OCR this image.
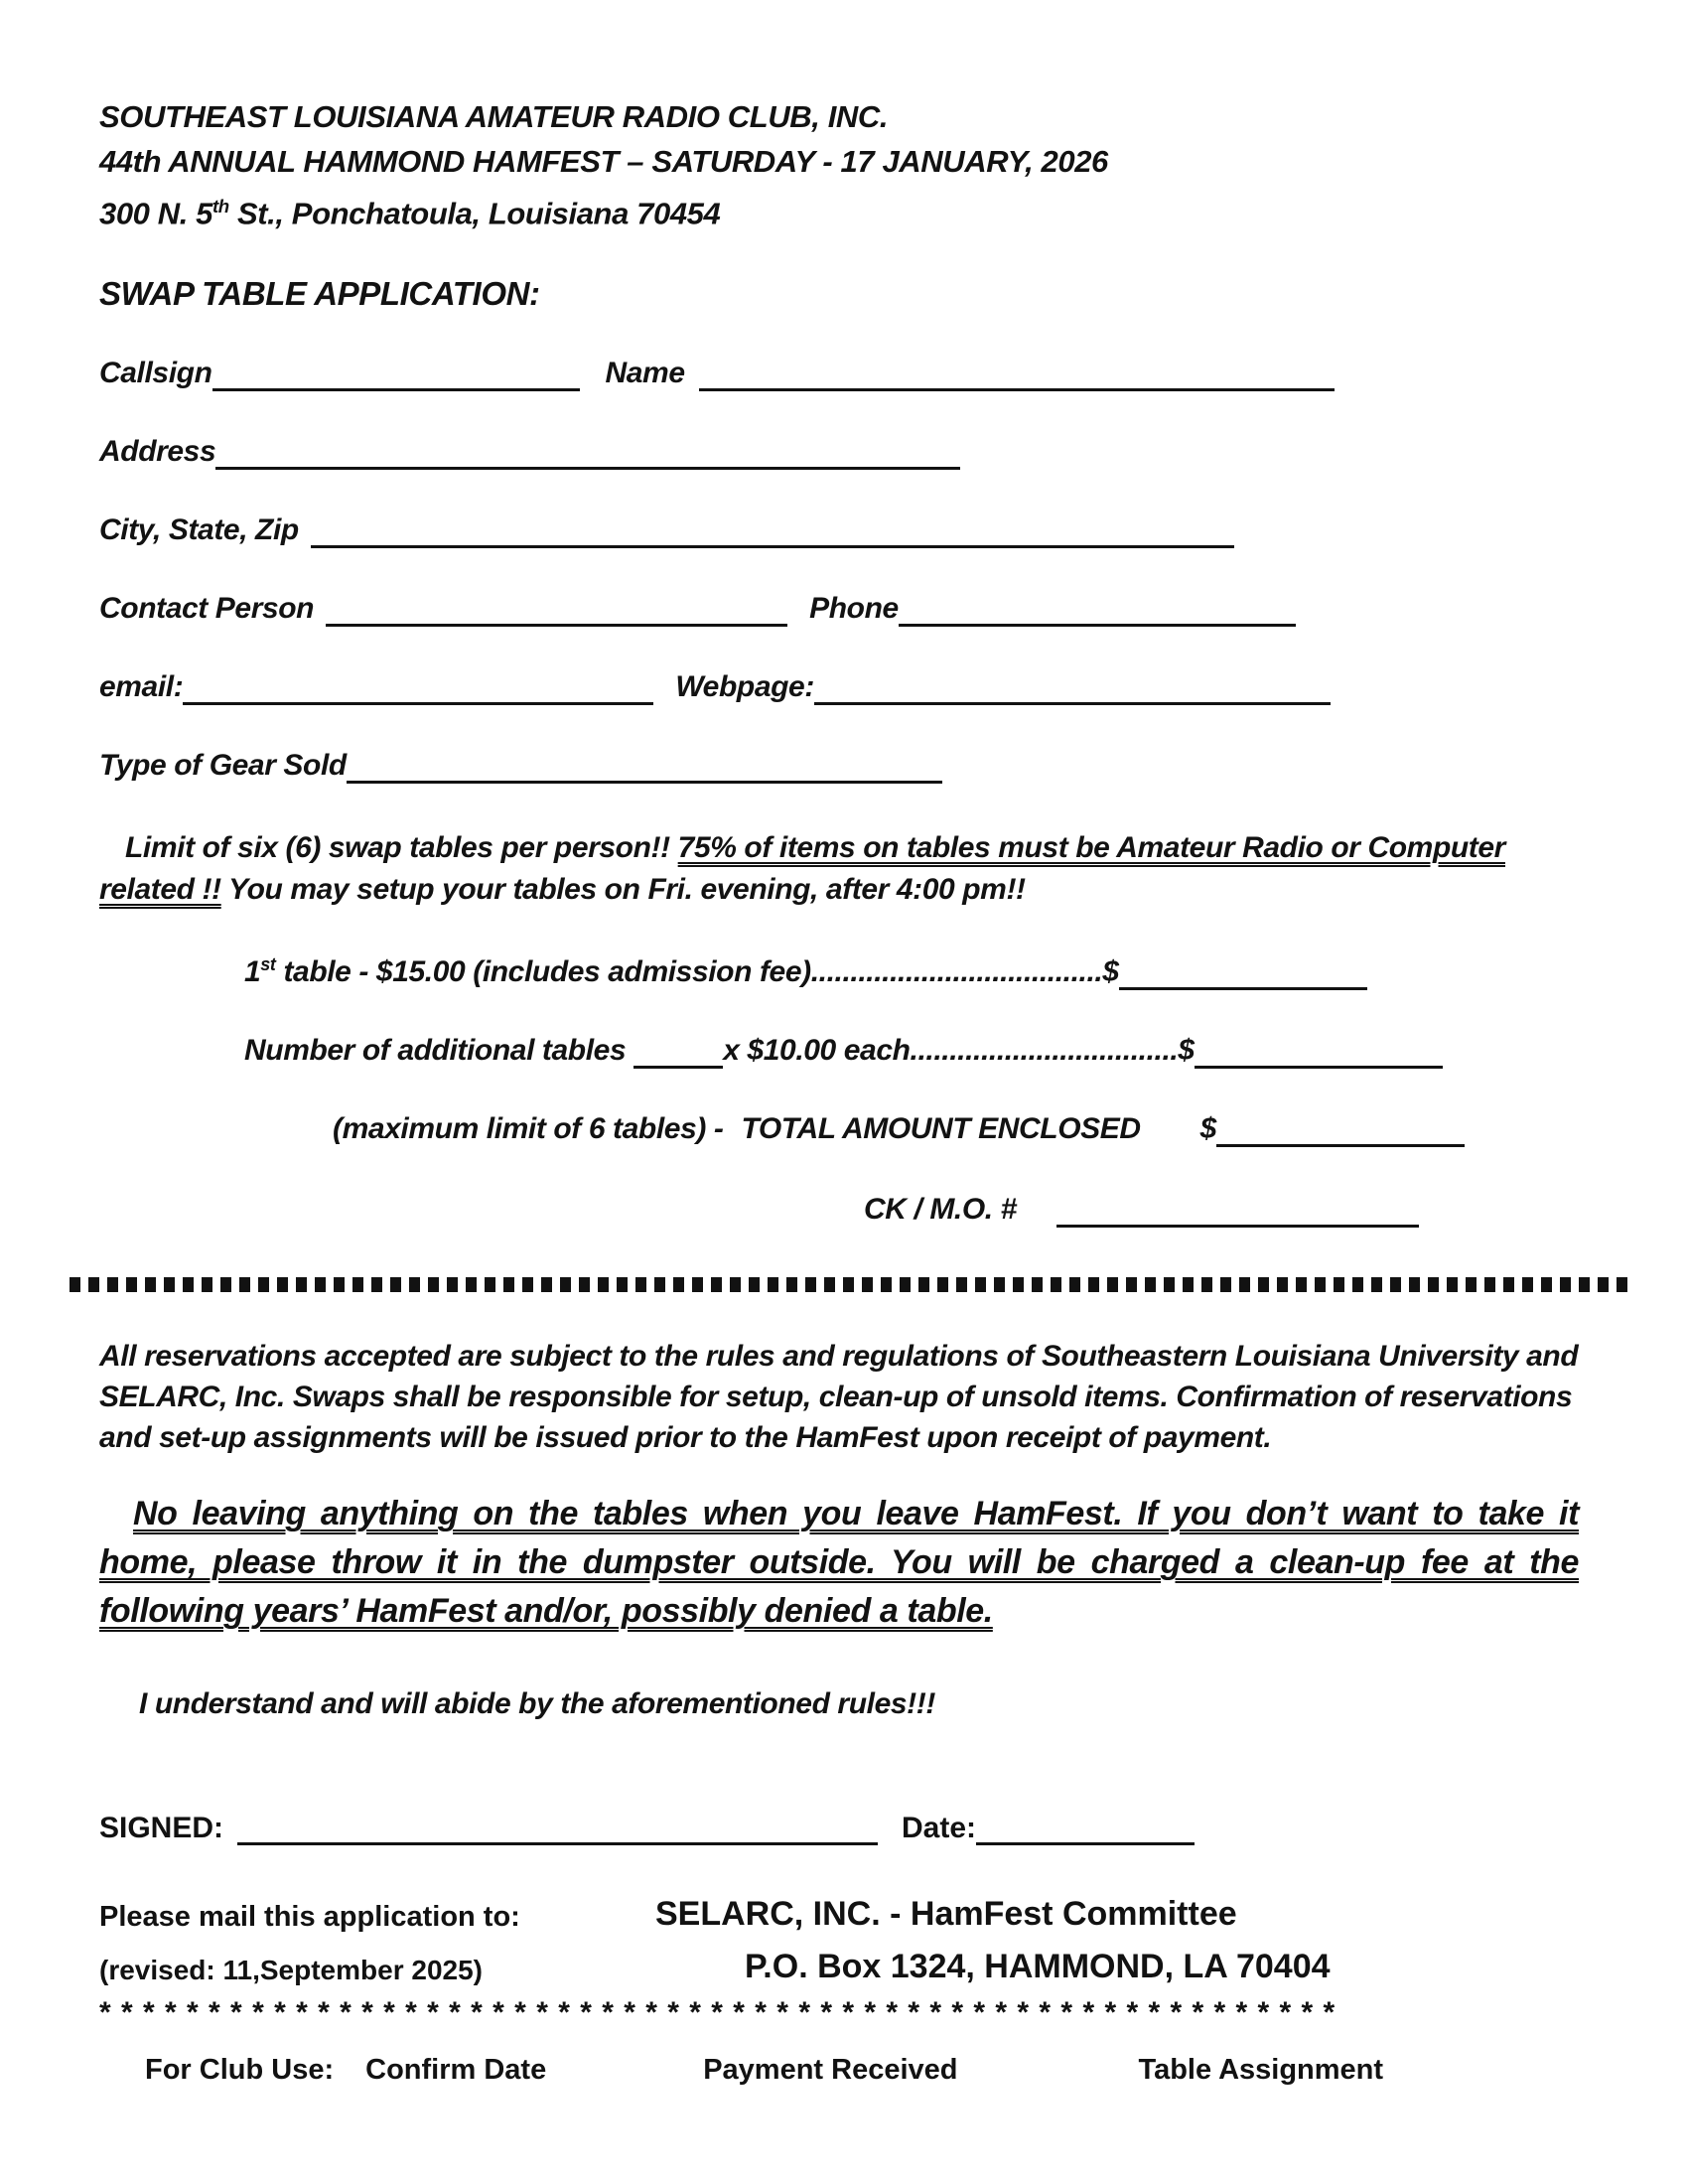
SOUTHEAST LOUISIANA AMATEUR RADIO CLUB, INC.
44th ANNUAL HAMMOND HAMFEST – SATURDAY - 17 JANUARY, 2026
300 N. 5th St., Ponchatoula, Louisiana 70454
SWAP TABLE APPLICATION:
Callsign	Name
Address
City, State, Zip
Contact Person	Phone
email:	Webpage:
Type of Gear Sold

Limit of six (6) swap tables per person!! 75% of items on tables must be Amateur Radio or Computer related !! You may setup your tables on Fri. evening, after 4:00 pm!!

1st table - $15.00 (includes admission fee) ..................................... $
Number of additional tables	x $10.00 each .................................. $
(maximum limit of 6 tables) - TOTAL AMOUNT ENCLOSED $
CK / M.O. #

All reservations accepted are subject to the rules and regulations of Southeastern Louisiana University and SELARC, Inc. Swaps shall be responsible for setup, clean-up of unsold items. Confirmation of reservations and set-up assignments will be issued prior to the HamFest upon receipt of payment.

No leaving anything on the tables when you leave HamFest. If you don’t want to take it home, please throw it in the dumpster outside. You will be charged a clean-up fee at the following years’ HamFest and/or, possibly denied a table.

I understand and will abide by the aforementioned rules!!!
SIGNED:	Date:
Please mail this application to:	SELARC, INC. - HamFest Committee
(revised: 11,September 2025)	P.O. Box 1324, HAMMOND, LA 70404
* * * * * * * * * * * * * * * * * * * * * * * * * * * * * * * * * * * * * * * * * * * * * * * * * * * * * * * * *
For Club Use: Confirm Date	Payment Received	Table Assignment
